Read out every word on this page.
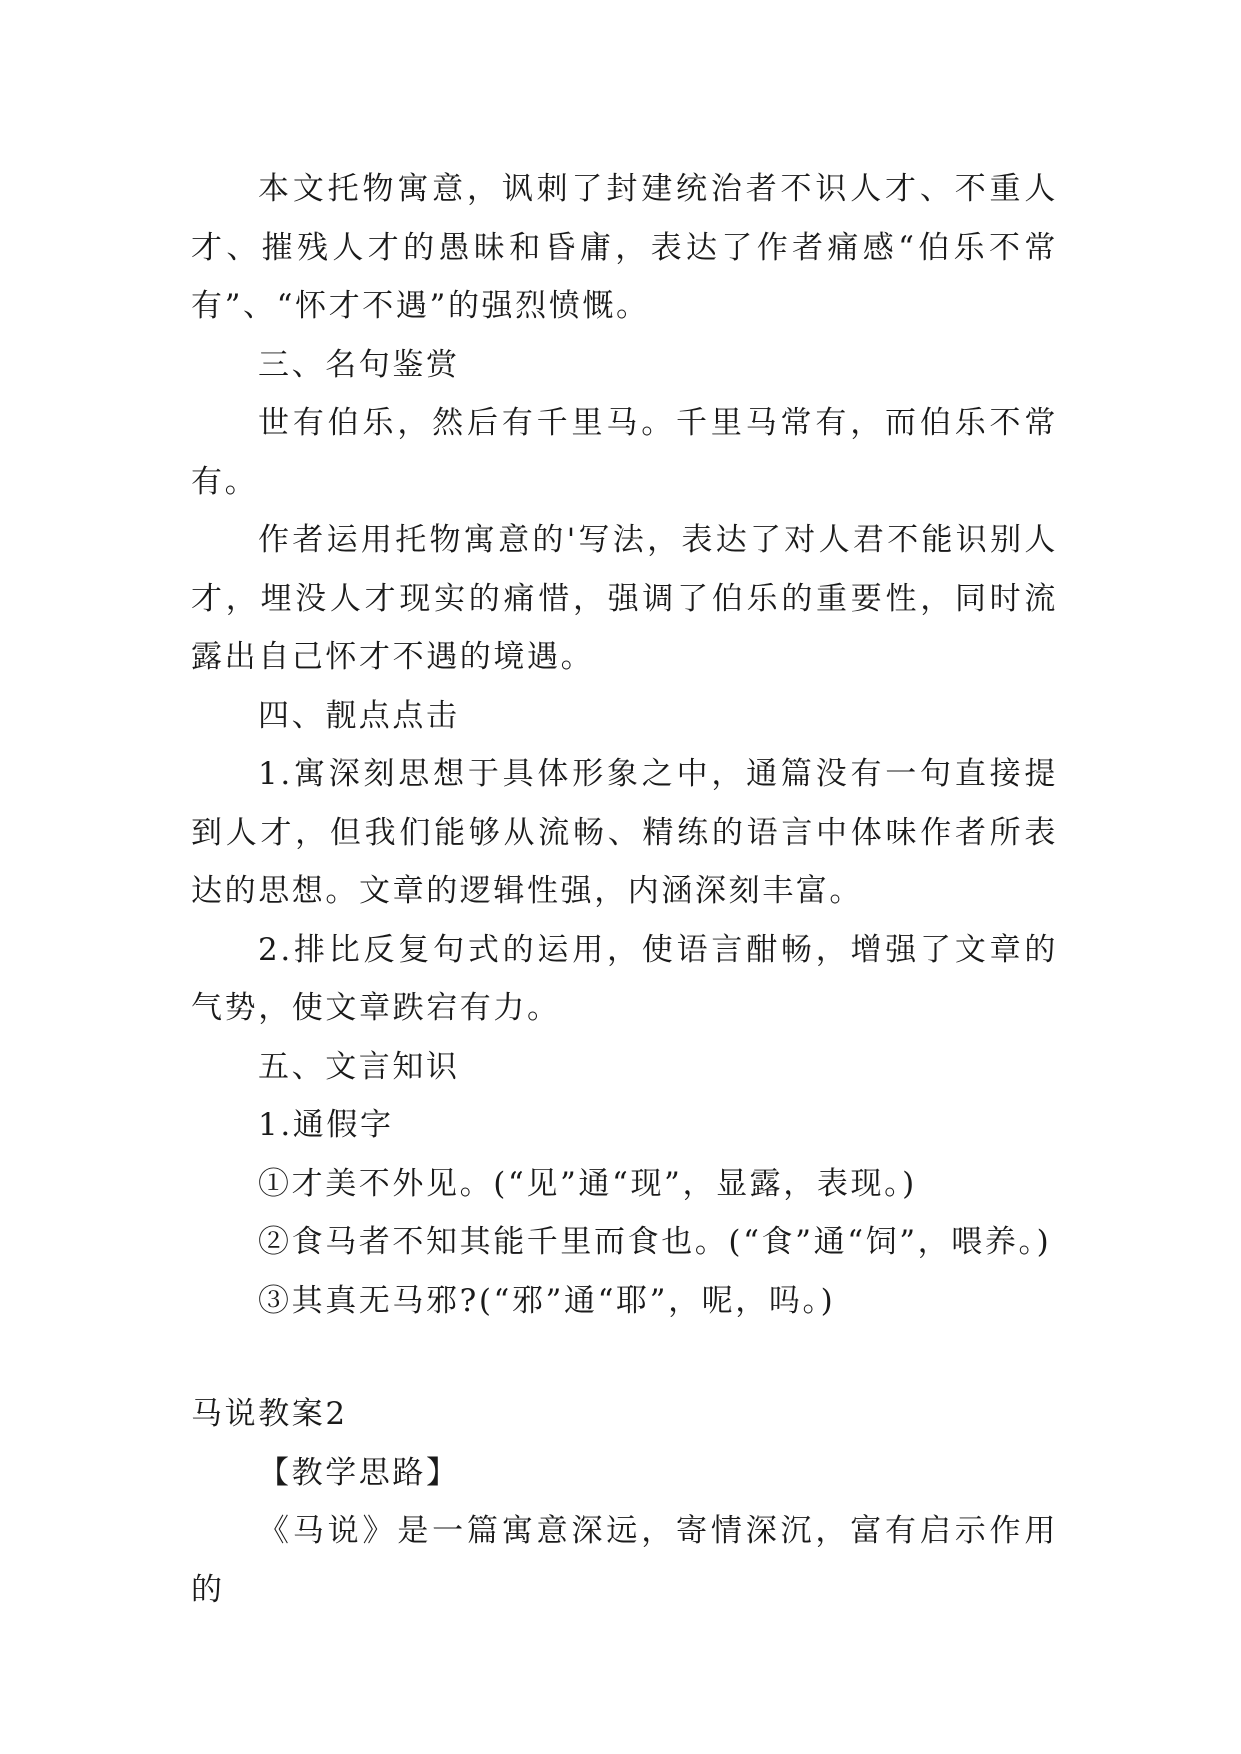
本文托物寓意，讽刺了封建统治者不识人才、不重人才、摧残人才的愚昧和昏庸，表达了作者痛感“伯乐不常有”、“怀才不遇”的强烈愤慨。

三、名句鉴赏

世有伯乐，然后有千里马。千里马常有，而伯乐不常有。

作者运用托物寓意的'写法，表达了对人君不能识别人才，埋没人才现实的痛惜，强调了伯乐的重要性，同时流露出自己怀才不遇的境遇。

四、靓点点击

1.寓深刻思想于具体形象之中，通篇没有一句直接提到人才，但我们能够从流畅、精练的语言中体味作者所表达的思想。文章的逻辑性强，内涵深刻丰富。

2.排比反复句式的运用，使语言酣畅，增强了文章的气势，使文章跌宕有力。

五、文言知识

1.通假字

①才美不外见。(“见”通“现”，显露，表现。)

②食马者不知其能千里而食也。(“食”通“饲”，喂养。)

③其真无马邪?(“邪”通“耶”，呢，吗。)

马说教案2

【教学思路】

《马说》是一篇寓意深远，寄情深沉，富有启示作用的
